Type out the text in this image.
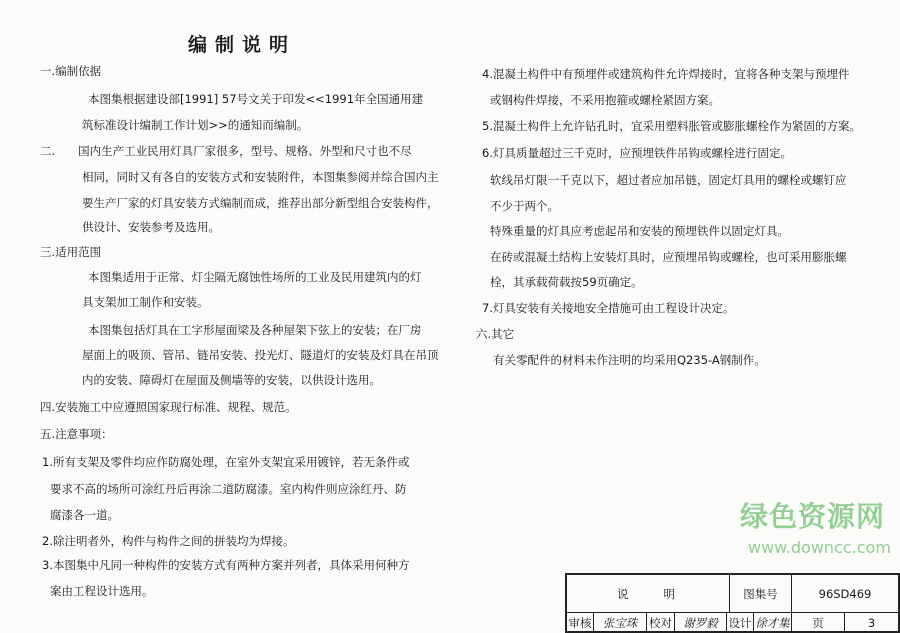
编制说明
一.编制依据
本图集根据建设部[1991] 57号文关于印发<<1991年全国通用建
筑标准设计编制工作计划>>的通知而编制。
二.　　国内生产工业民用灯具厂家很多，型号、规格、外型和尺寸也不尽
相同，同时又有各自的安装方式和安装附件，本图集参阅并综合国内主
要生产厂家的灯具安装方式编制而成，推荐出部分新型组合安装构件，
供设计、安装参考及选用。
三.适用范围
本图集适用于正常、灯尘隔无腐蚀性场所的工业及民用建筑内的灯
具支架加工制作和安装。
本图集包括灯具在工字形屋面梁及各种屋架下弦上的安装；在厂房
屋面上的吸顶、管吊、链吊安装、投光灯、隧道灯的安装及灯具在吊顶
内的安装、障碍灯在屋面及侧墙等的安装，以供设计选用。
四.安装施工中应遵照国家现行标准、规程、规范。
五.注意事项：
1.所有支架及零件均应作防腐处理，在室外支架宜采用镀锌，若无条件或
要求不高的场所可涂红丹后再涂二道防腐漆。室内构件则应涂红丹、防
腐漆各一道。
2.除注明者外，构件与构件之间的拼装均为焊接。
3.本图集中凡同一种构件的安装方式有两种方案并列者，具体采用何种方
案由工程设计选用。
4.混凝土构件中有预埋件或建筑构件允许焊接时，宜将各种支架与预埋件
或钢构件焊接，不采用抱箍或螺栓紧固方案。
5.混凝土构件上允许钻孔时，宜采用塑料胀管或膨胀螺栓作为紧固的方案。
6.灯具质量超过三千克时，应预埋铁件吊钩或螺栓进行固定。
软线吊灯限一千克以下，超过者应加吊链，固定灯具用的螺栓或螺钉应
不少于两个。
特殊重量的灯具应考虑起吊和安装的预埋铁件以固定灯具。
在砖或混凝土结构上安装灯具时，应预埋吊钩或螺栓，也可采用膨胀螺
栓，其承载荷载按59页确定。
7.灯具安装有关接地安全措施可由工程设计决定。
六.其它
有关零配件的材料未作注明的均采用Q235-A钢制作。
说　　明	图集号	96SD469
审核 张宝珠	校对 谢罗毅 设计 徐才集	页	3
绿色资源网
www.downcc.com
